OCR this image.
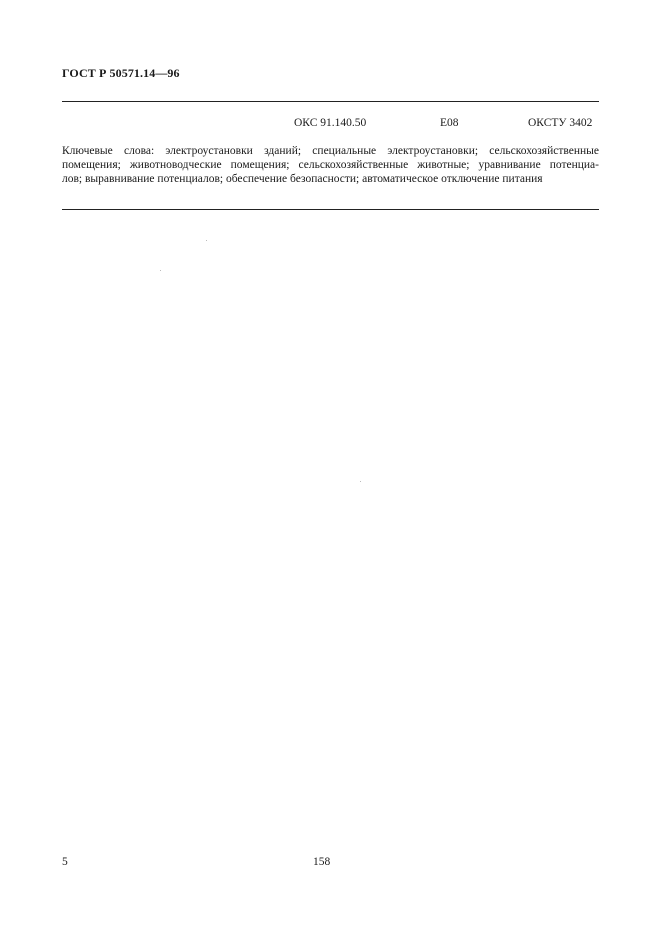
ГОСТ Р 50571.14—96
ОКС 91.140.50	Е08	ОКСТУ 3402
Ключевые слова: электроустановки зданий; специальные электроустановки; сельскохозяйственные
помещения; животноводческие помещения; сельскохозяйственные животные; уравнивание потенциа-
лов; выравнивание потенциалов; обеспечение безопасности; автоматическое отключение питания
5	158
